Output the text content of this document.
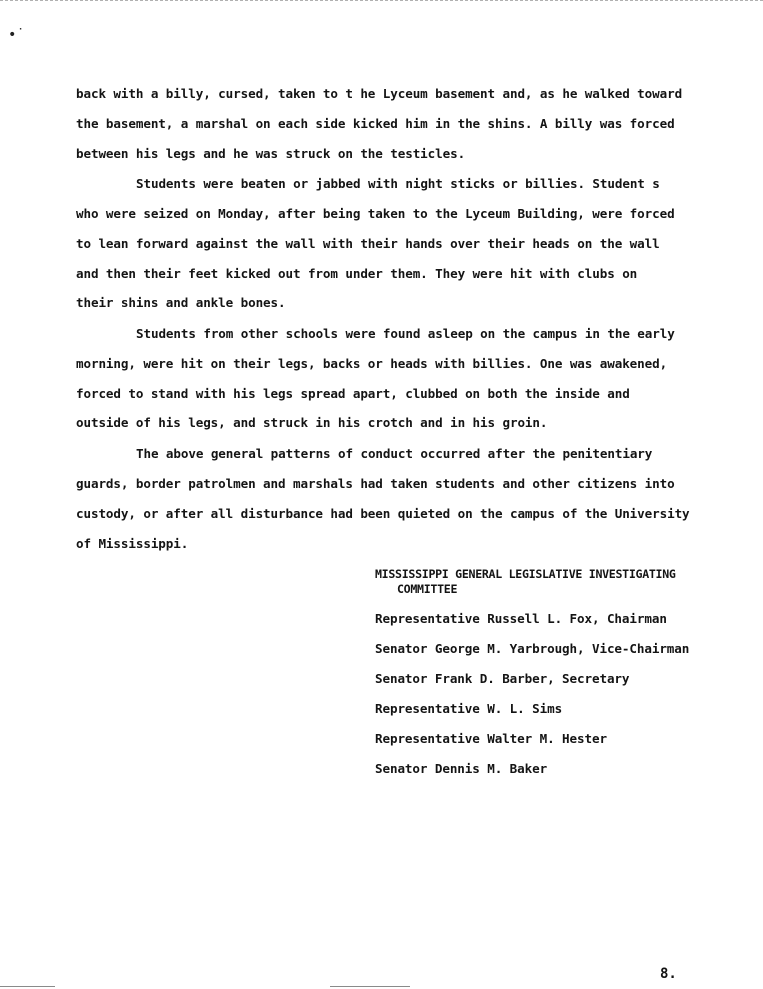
•˙
back with a billy, cursed, taken to t he Lyceum basement and, as he walked toward
the basement, a marshal on each side kicked him in the shins. A billy was forced
between his legs and he was struck on the testicles.
Students were beaten or jabbed with night sticks or billies. Student s
who were seized on Monday, after being taken to the Lyceum Building, were forced
to lean forward against the wall with their hands over their heads on the wall
and then their feet kicked out from under them. They were hit with clubs on
their shins and ankle bones.
Students from other schools were found asleep on the campus in the early
morning, were hit on their legs, backs or heads with billies. One was awakened,
forced to stand with his legs spread apart, clubbed on both the inside and
outside of his legs, and struck in his crotch and in his groin.
The above general patterns of conduct occurred after the penitentiary
guards, border patrolmen and marshals had taken students and other citizens into
custody, or after all disturbance had been quieted on the campus of the University
of Mississippi.
MISSISSIPPI GENERAL LEGISLATIVE INVESTIGATING
COMMITTEE
Representative Russell L. Fox, Chairman
Senator George M. Yarbrough, Vice-Chairman
Senator Frank D. Barber, Secretary
Representative W. L. Sims
Representative Walter M. Hester
Senator Dennis M. Baker
8.
